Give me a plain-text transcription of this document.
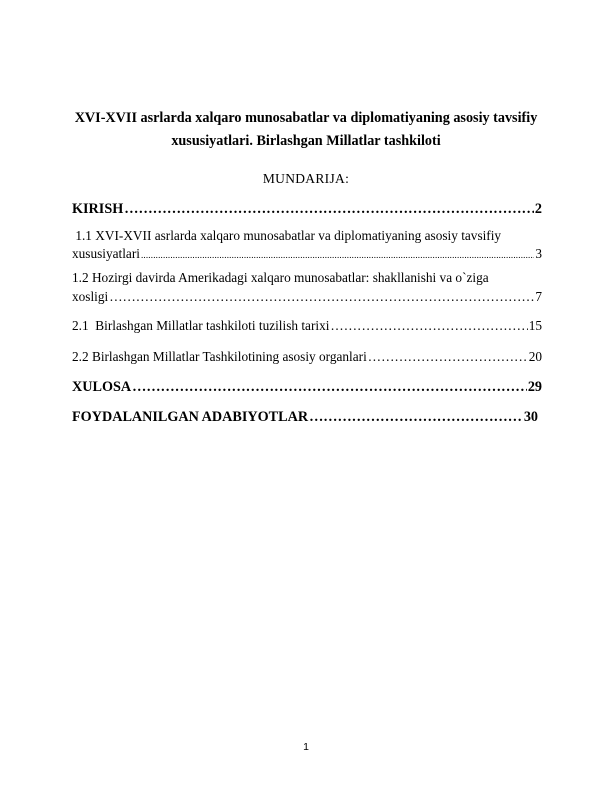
XVI-XVII asrlarda xalqaro munosabatlar va diplomatiyaning asosiy tavsifiy
xususiyatlari. Birlashgan Millatlar tashkiloti
MUNDARIJA:
KIRISH …………………………………………………………………………………………………………………………………………………………………………………………………………………………………………………………	2
1.1 XVI-XVII asrlarda xalqaro munosabatlar va diplomatiyaning asosiy tavsifiy
xususiyatlari .....	3
1.2 Hozirgi davirda Amerikadagi xalqaro munosabatlar: shakllanishi va o`ziga
xosligi …………………………………………………………………………………………………………………………………………………………………………………………………………………………………………………………	7
2.1  Birlashgan Millatlar tashkiloti tuzilish tarixi …………………………………………………………………………………………………………………………………………………………………………………………………………………………………………………………	15
2.2 Birlashgan Millatlar Tashkilotining asosiy organlari …………………………………………………………………………………………………………………………………………………………………………………………………………………………………………………………	20
XULOSA …………………………………………………………………………………………………………………………………………………………………………………………………………………………………………………………	29
FOYDALANILGAN ADABIYOTLAR …………………………………………………………………………………………………………………………………………………………………………………………………………………………………………………………	30
1
